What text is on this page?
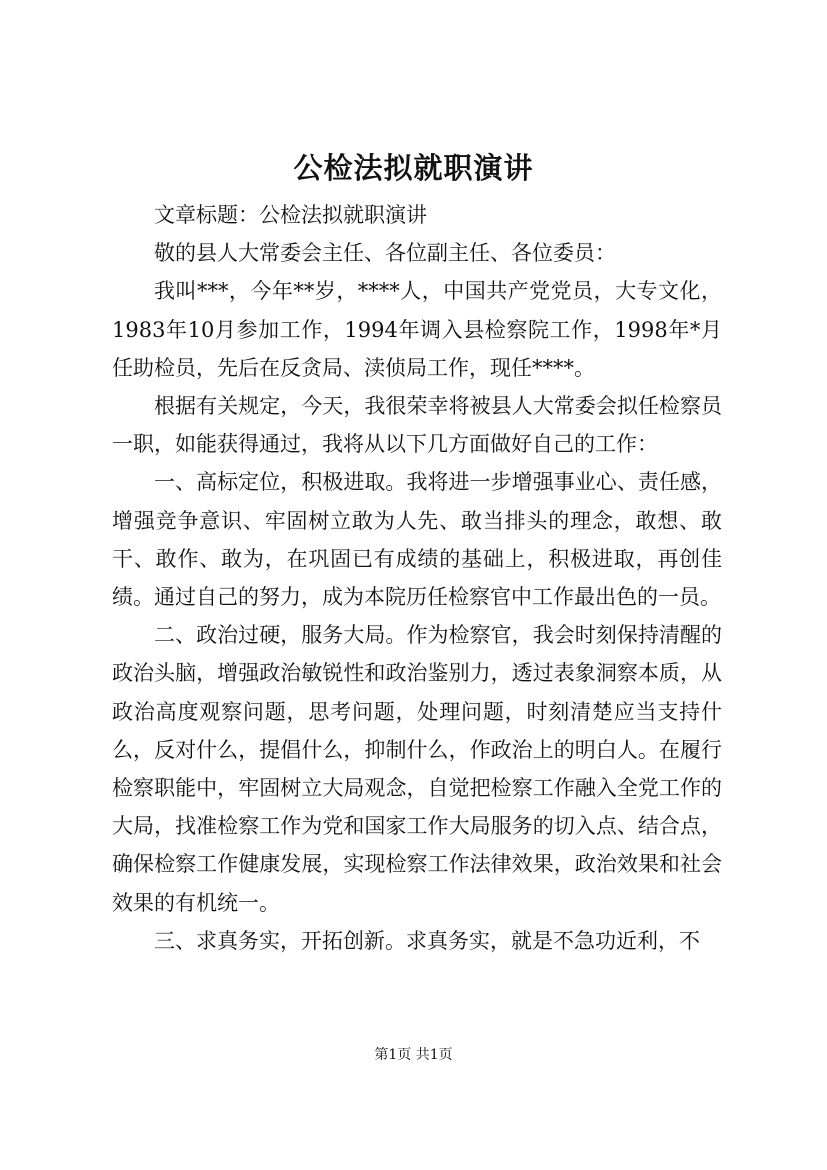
公检法拟就职演讲

文章标题：公检法拟就职演讲

敬的县人大常委会主任、各位副主任、各位委员：

我叫***，今年**岁，****人，中国共产党党员，大专文化，1983年10月参加工作，1994年调入县检察院工作，1998年*月任助检员，先后在反贪局、渎侦局工作，现任****。

根据有关规定，今天，我很荣幸将被县人大常委会拟任检察员一职，如能获得通过，我将从以下几方面做好自己的工作：

一、高标定位，积极进取。我将进一步增强事业心、责任感，增强竞争意识、牢固树立敢为人先、敢当排头的理念，敢想、敢干、敢作、敢为，在巩固已有成绩的基础上，积极进取，再创佳绩。通过自己的努力，成为本院历任检察官中工作最出色的一员。

二、政治过硬，服务大局。作为检察官，我会时刻保持清醒的政治头脑，增强政治敏锐性和政治鉴别力，透过表象洞察本质，从政治高度观察问题，思考问题，处理问题，时刻清楚应当支持什么，反对什么，提倡什么，抑制什么，作政治上的明白人。在履行检察职能中，牢固树立大局观念，自觉把检察工作融入全党工作的大局，找准检察工作为党和国家工作大局服务的切入点、结合点，确保检察工作健康发展，实现检察工作法律效果，政治效果和社会效果的有机统一。

三、求真务实，开拓创新。求真务实，就是不急功近利，不

第1页 共1页
